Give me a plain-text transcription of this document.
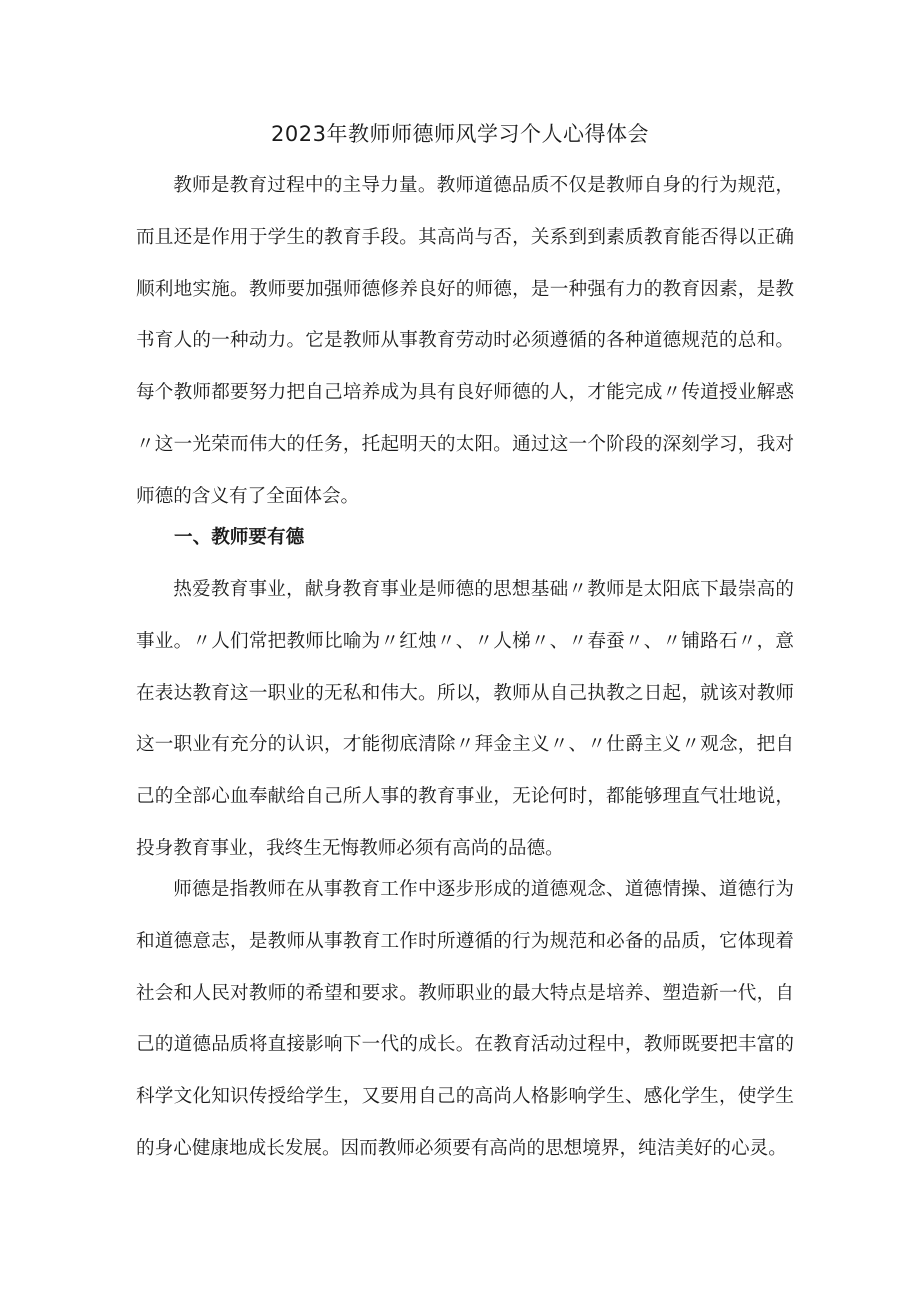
2023年教师师德师风学习个人心得体会

教师是教育过程中的主导力量。教师道德品质不仅是教师自身的行为规范，而且还是作用于学生的教育手段。其高尚与否，关系到到素质教育能否得以正确顺利地实施。教师要加强师德修养良好的师德，是一种强有力的教育因素，是教书育人的一种动力。它是教师从事教育劳动时必须遵循的各种道德规范的总和。每个教师都要努力把自己培养成为具有良好师德的人，才能完成〃传道授业解惑〃这一光荣而伟大的任务，托起明天的太阳。通过这一个阶段的深刻学习，我对师德的含义有了全面体会。

一、教师要有德

热爱教育事业，献身教育事业是师德的思想基础〃教师是太阳底下最崇高的事业。〃人们常把教师比喻为〃红烛〃、〃人梯〃、〃春蚕〃、〃铺路石〃，意在表达教育这一职业的无私和伟大。所以，教师从自己执教之日起，就该对教师这一职业有充分的认识，才能彻底清除〃拜金主义〃、〃仕爵主义〃观念，把自己的全部心血奉献给自己所人事的教育事业，无论何时，都能够理直气壮地说，投身教育事业，我终生无悔教师必须有高尚的品德。

师德是指教师在从事教育工作中逐步形成的道德观念、道德情操、道德行为和道德意志，是教师从事教育工作时所遵循的行为规范和必备的品质，它体现着社会和人民对教师的希望和要求。教师职业的最大特点是培养、塑造新一代，自己的道德品质将直接影响下一代的成长。在教育活动过程中，教师既要把丰富的科学文化知识传授给学生，又要用自己的高尚人格影响学生、感化学生，使学生的身心健康地成长发展。因而教师必须要有高尚的思想境界，纯洁美好的心灵。
